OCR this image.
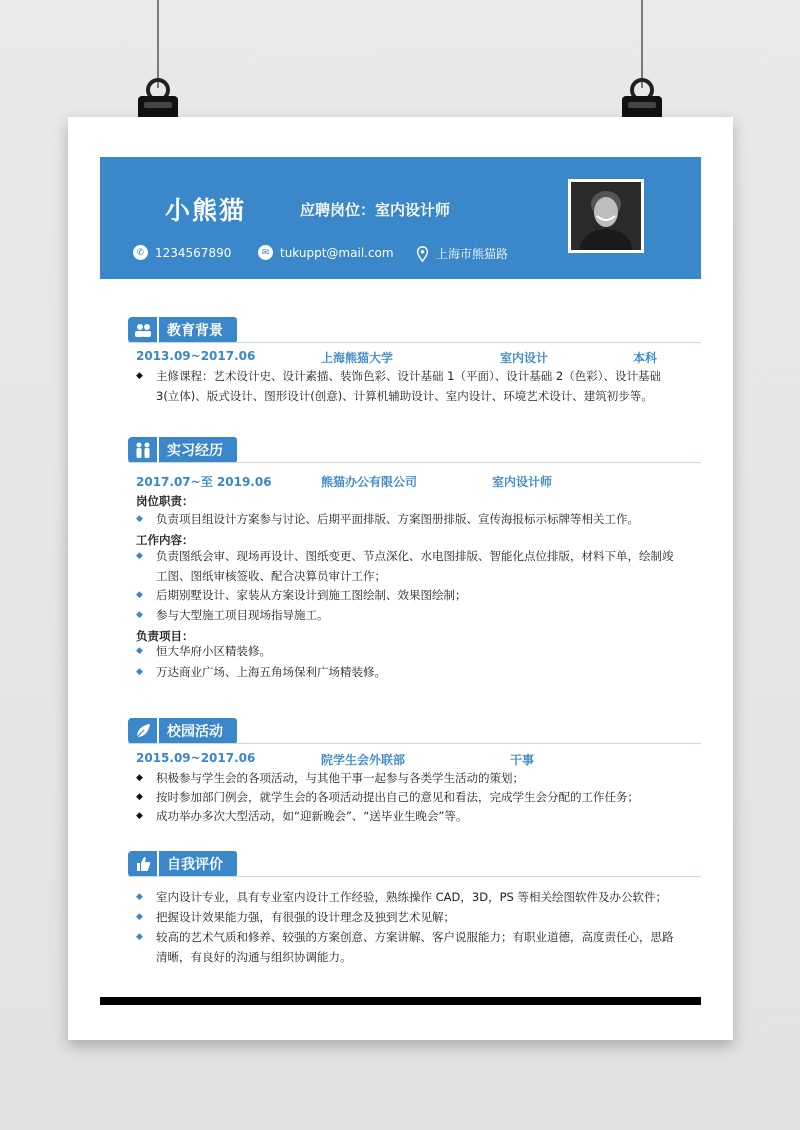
小熊猫	应聘岗位：室内设计师
✆ 1234567890	✉ tukuppt@mail.com	上海市熊猫路
教育背景
2013.09~2017.06	上海熊猫大学	室内设计	本科
◆	主修课程：艺术设计史、设计素描、装饰色彩、设计基础 1（平面）、设计基础 2（色彩）、设计基础 3(立体)、版式设计、图形设计(创意)、计算机辅助设计、室内设计、环境艺术设计、建筑初步等。
实习经历
2017.07~至 2019.06	熊猫办公有限公司	室内设计师
岗位职责：
◆	负责项目组设计方案参与讨论、后期平面排版、方案图册排版、宣传海报标示标牌等相关工作。
工作内容：
◆	负责图纸会审、现场再设计、图纸变更、节点深化、水电图排版、智能化点位排版，材料下单，绘制竣工图、图纸审核签收、配合决算员审计工作；
◆	后期别墅设计、家装从方案设计到施工图绘制、效果图绘制；
◆	参与大型施工项目现场指导施工。
负责项目：
◆	恒大华府小区精装修。
◆	万达商业广场、上海五角场保利广场精装修。
校园活动
2015.09~2017.06	院学生会外联部	干事
◆	积极参与学生会的各项活动，与其他干事一起参与各类学生活动的策划；
◆	按时参加部门例会，就学生会的各项活动提出自己的意见和看法，完成学生会分配的工作任务；
◆	成功举办多次大型活动，如“迎新晚会”、“送毕业生晚会”等。
自我评价
◆	室内设计专业，具有专业室内设计工作经验，熟练操作 CAD，3D，PS 等相关绘图软件及办公软件；
◆	把握设计效果能力强，有很强的设计理念及独到艺术见解；
◆	较高的艺术气质和修养、较强的方案创意、方案讲解、客户说服能力；有职业道德，高度责任心，思路清晰，有良好的沟通与组织协调能力。
